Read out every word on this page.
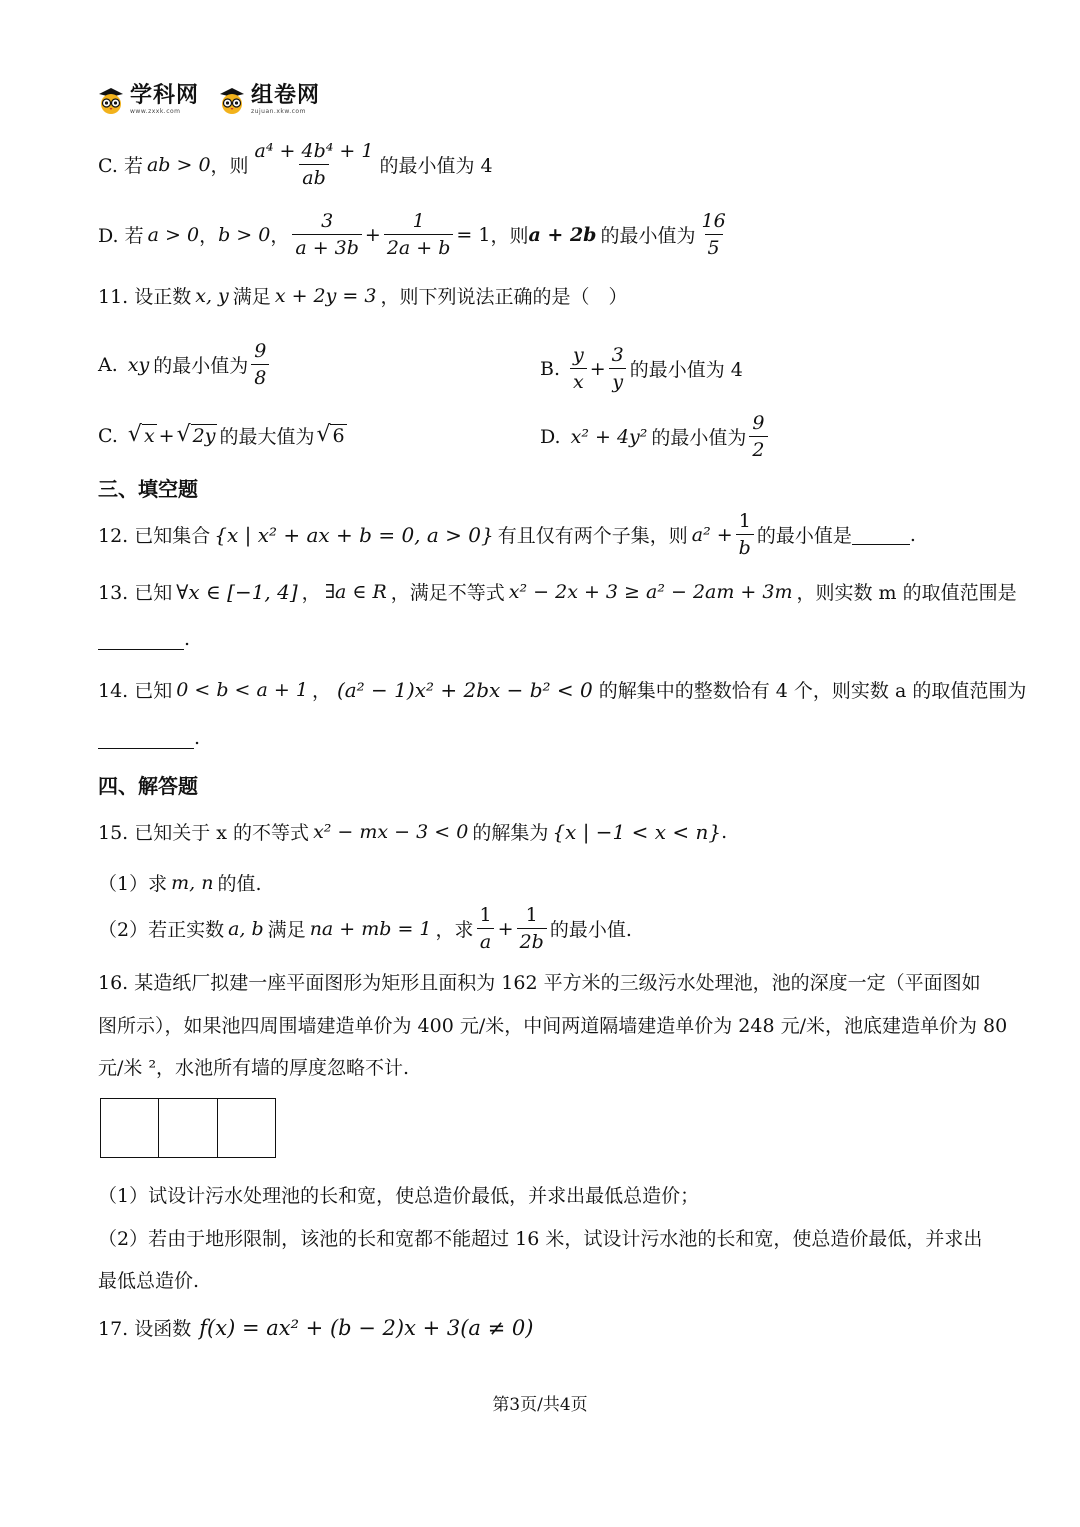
学科网
www.zxxk.com
组卷网
zujuan.xkw.com
C. 若 ab > 0 ，则 $\frac{\text{a⁴ + 4b⁴ + 1}}{ab}$ 的最小值为 4
D. 若 a > 0 ， b > 0 ， $\frac{3}{a + 3b} + \frac{1}{2a + b} = 1$ ，则 a + 2b 的最小值为 $\frac{16}{5}$
11. 设正数 x, y 满足 x + 2y = 3 ，则下列说法正确的是（　）
A. xy 的最小值为 $\frac{9}{8}$	B. $\frac{y}{x} + \frac{3}{y}$ 的最小值为 4
C. √ x + √ 2y 的最大值为 √ 6	D. x² + 4y² 的最小值为 $\frac{9}{2}$
三、填空题
12. 已知集合 {x | x² + ax + b = 0, a > 0} 有且仅有两个子集，则 $a^2 + \frac{1}{b}$ 的最小值是	.
13. 已知 ∀x ∈ [−1, 4] ， ∃a ∈ R ，满足不等式 x² − 2x + 3 ≥ a² − 2am + 3m ，则实数 m 的取值范围是
.
14. 已知 0 < b < a + 1 ， (a² − 1)x² + 2bx − b² < 0 的解集中的整数恰有 4 个，则实数 a 的取值范围为
.
四、解答题
15. 已知关于 x 的不等式 x² − mx − 3 < 0 的解集为 {x | −1 < x < n} .
（1）求 m, n 的值.
（2）若正实数 a, b 满足 na + mb = 1 ，求 $\frac{1}{a} + \frac{1}{2b}$ 的最小值.
16. 某造纸厂拟建一座平面图形为矩形且面积为 162 平方米的三级污水处理池，池的深度一定（平面图如
图所示），如果池四周围墙建造单价为 400 元/米，中间两道隔墙建造单价为 248 元/米，池底建造单价为 80
元/米 ²，水池所有墙的厚度忽略不计.
（1）试设计污水处理池的长和宽，使总造价最低，并求出最低总造价；
（2）若由于地形限制，该池的长和宽都不能超过 16 米，试设计污水池的长和宽，使总造价最低，并求出
最低总造价.
17. 设函数 f(x) = ax² + (b − 2)x + 3(a ≠ 0)
第3页/共4页
